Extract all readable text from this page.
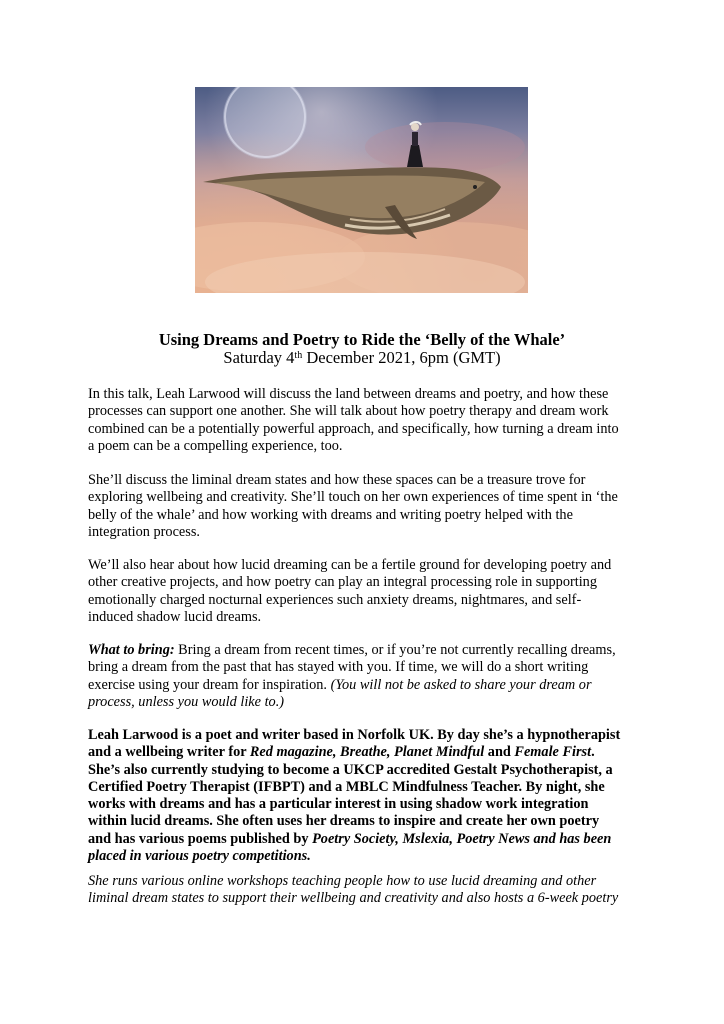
Using Dreams and Poetry to Ride the ‘Belly of the Whale’
Saturday 4th December 2021, 6pm (GMT)

In this talk, Leah Larwood will discuss the land between dreams and poetry, and how these
processes can support one another. She will talk about how poetry therapy and dream work
combined can be a potentially powerful approach, and specifically, how turning a dream into
a poem can be a compelling experience, too.

She’ll discuss the liminal dream states and how these spaces can be a treasure trove for
exploring wellbeing and creativity. She’ll touch on her own experiences of time spent in ‘the
belly of the whale’ and how working with dreams and writing poetry helped with the
integration process.

We’ll also hear about how lucid dreaming can be a fertile ground for developing poetry and
other creative projects, and how poetry can play an integral processing role in supporting
emotionally charged nocturnal experiences such anxiety dreams, nightmares, and self-
induced shadow lucid dreams.

What to bring: Bring a dream from recent times, or if you’re not currently recalling dreams,
bring a dream from the past that has stayed with you. If time, we will do a short writing
exercise using your dream for inspiration. (You will not be asked to share your dream or
process, unless you would like to.)

Leah Larwood is a poet and writer based in Norfolk UK. By day she’s a hypnotherapist
and a wellbeing writer for Red magazine, Breathe, Planet Mindful and Female First.
She’s also currently studying to become a UKCP accredited Gestalt Psychotherapist, a
Certified Poetry Therapist (IFBPT) and a MBLC Mindfulness Teacher. By night, she
works with dreams and has a particular interest in using shadow work integration
within lucid dreams. She often uses her dreams to inspire and create her own poetry
and has various poems published by Poetry Society, Mslexia, Poetry News and has been
placed in various poetry competitions.

She runs various online workshops teaching people how to use lucid dreaming and other
liminal dream states to support their wellbeing and creativity and also hosts a 6-week poetry
